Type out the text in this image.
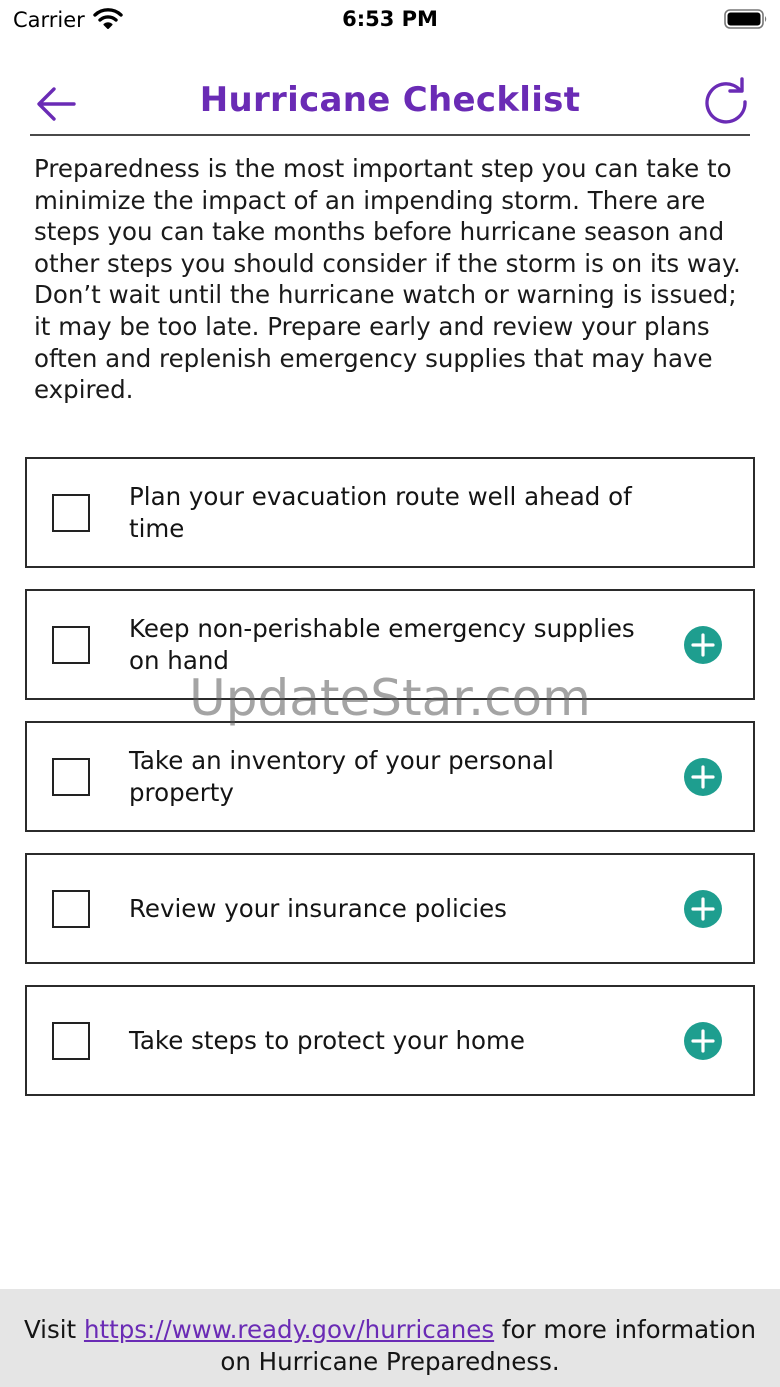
Carrier	6:53 PM
Hurricane Checklist
Preparedness is the most important step you can take to minimize the impact of an impending storm. There are steps you can take months before hurricane season and other steps you should consider if the storm is on its way. Don’t wait until the hurricane watch or warning is issued; it may be too late. Prepare early and review your plans often and replenish emergency supplies that may have expired.
Plan your evacuation route well ahead of time
Keep non-perishable emergency supplies on hand
Take an inventory of your personal property
Review your insurance policies
Take steps to protect your home
UpdateStar.com
Visit https://www.ready.gov/hurricanes for more information on Hurricane Preparedness.
